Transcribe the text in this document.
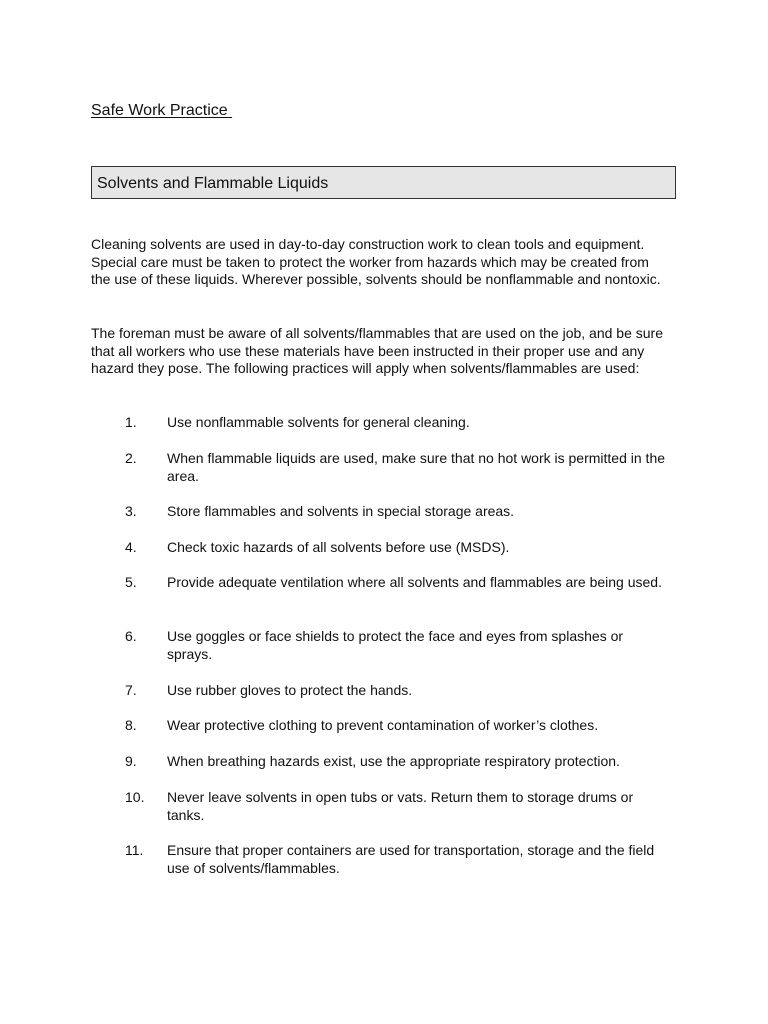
Safe Work Practice
Solvents and Flammable Liquids

Cleaning solvents are used in day-to-day construction work to clean tools and equipment. Special care must be taken to protect the worker from hazards which may be created from the use of these liquids. Wherever possible, solvents should be nonflammable and nontoxic.

The foreman must be aware of all solvents/flammables that are used on the job, and be sure that all workers who use these materials have been instructed in their proper use and any hazard they pose. The following practices will apply when solvents/flammables are used:

1.	Use nonflammable solvents for general cleaning.
2.	When flammable liquids are used, make sure that no hot work is permitted in the area.
3.	Store flammables and solvents in special storage areas.
4.	Check toxic hazards of all solvents before use (MSDS).
5.	Provide adequate ventilation where all solvents and flammables are being used.
6.	Use goggles or face shields to protect the face and eyes from splashes or sprays.
7.	Use rubber gloves to protect the hands.
8.	Wear protective clothing to prevent contamination of worker’s clothes.
9.	When breathing hazards exist, use the appropriate respiratory protection.
10.	Never leave solvents in open tubs or vats. Return them to storage drums or tanks.
11.	Ensure that proper containers are used for transportation, storage and the field use of solvents/flammables.
